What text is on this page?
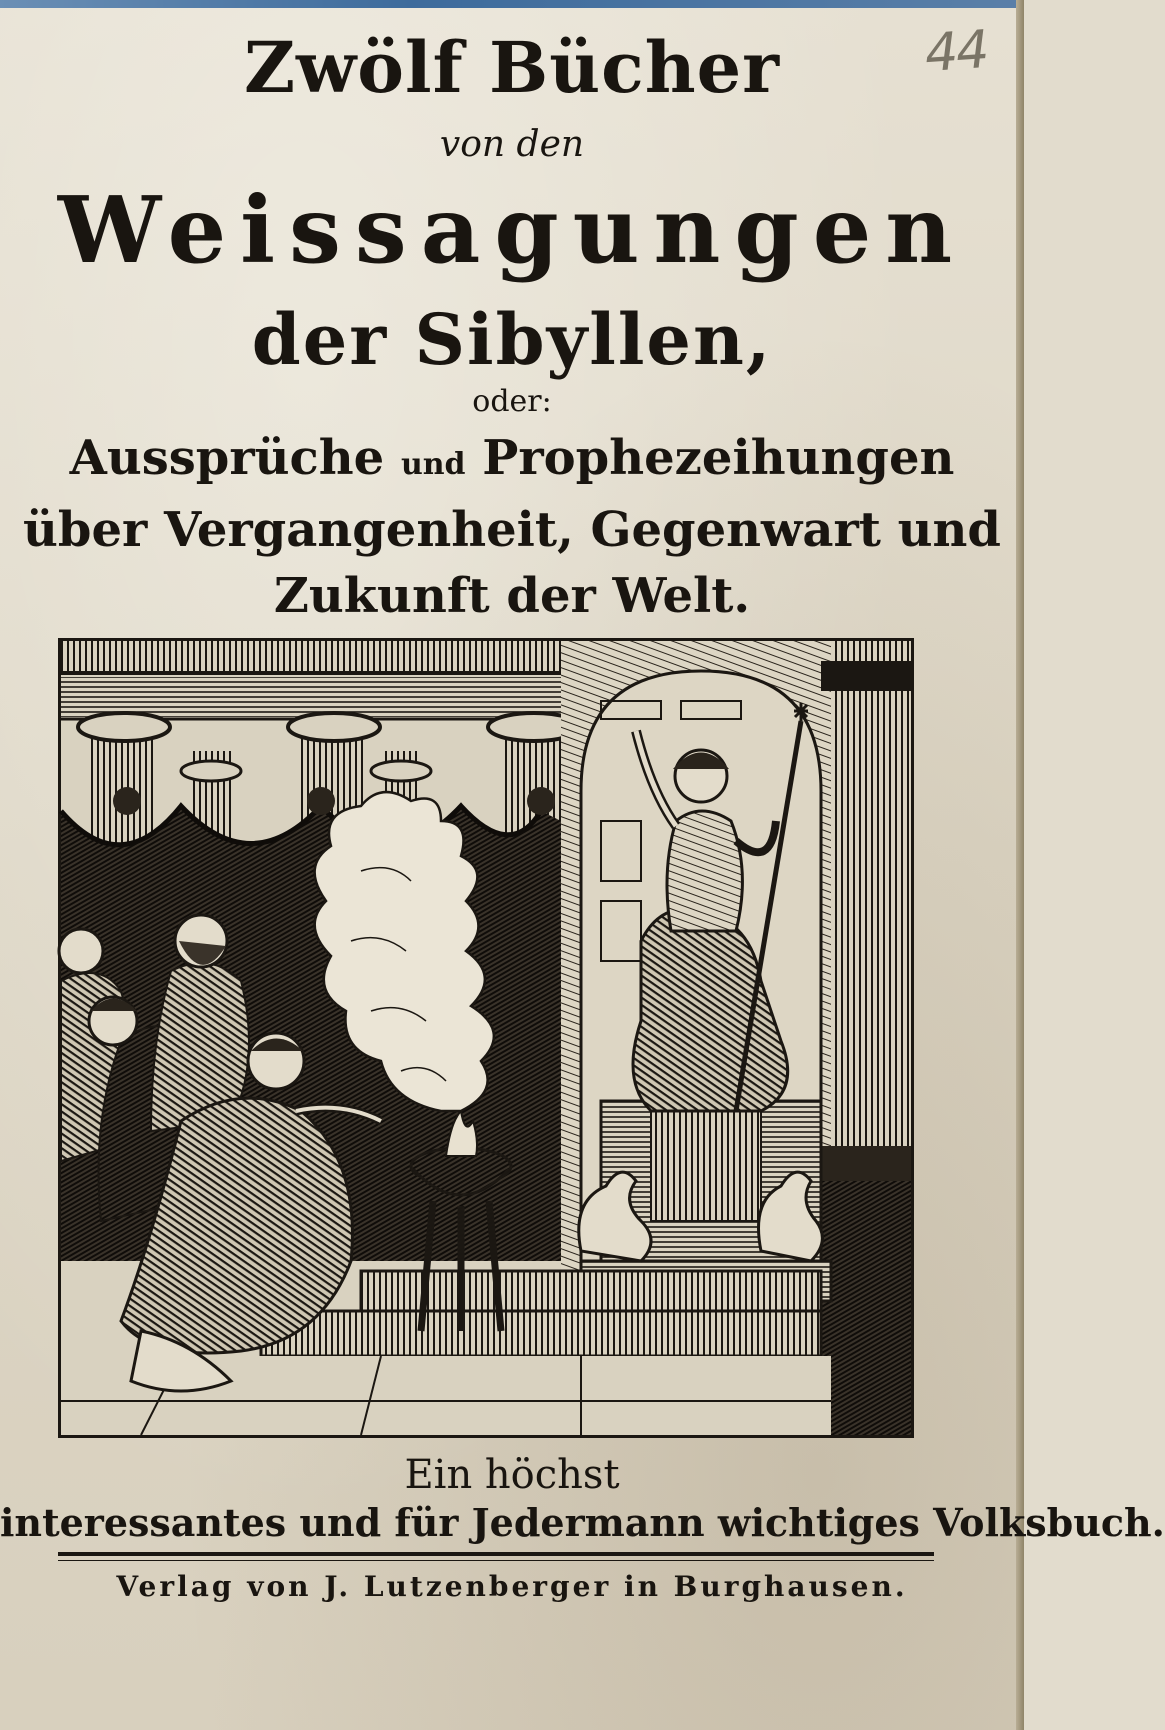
44
Zwölf Bücher
von den
Weissagungen
der Sibyllen,
oder:
Aussprüche und Prophezeihungen
über Vergangenheit, Gegenwart und
Zukunft der Welt.
Ein höchst
interessantes und für Jedermann wichtiges Volksbuch.
Verlag von J. Lutzenberger in Burghausen.
